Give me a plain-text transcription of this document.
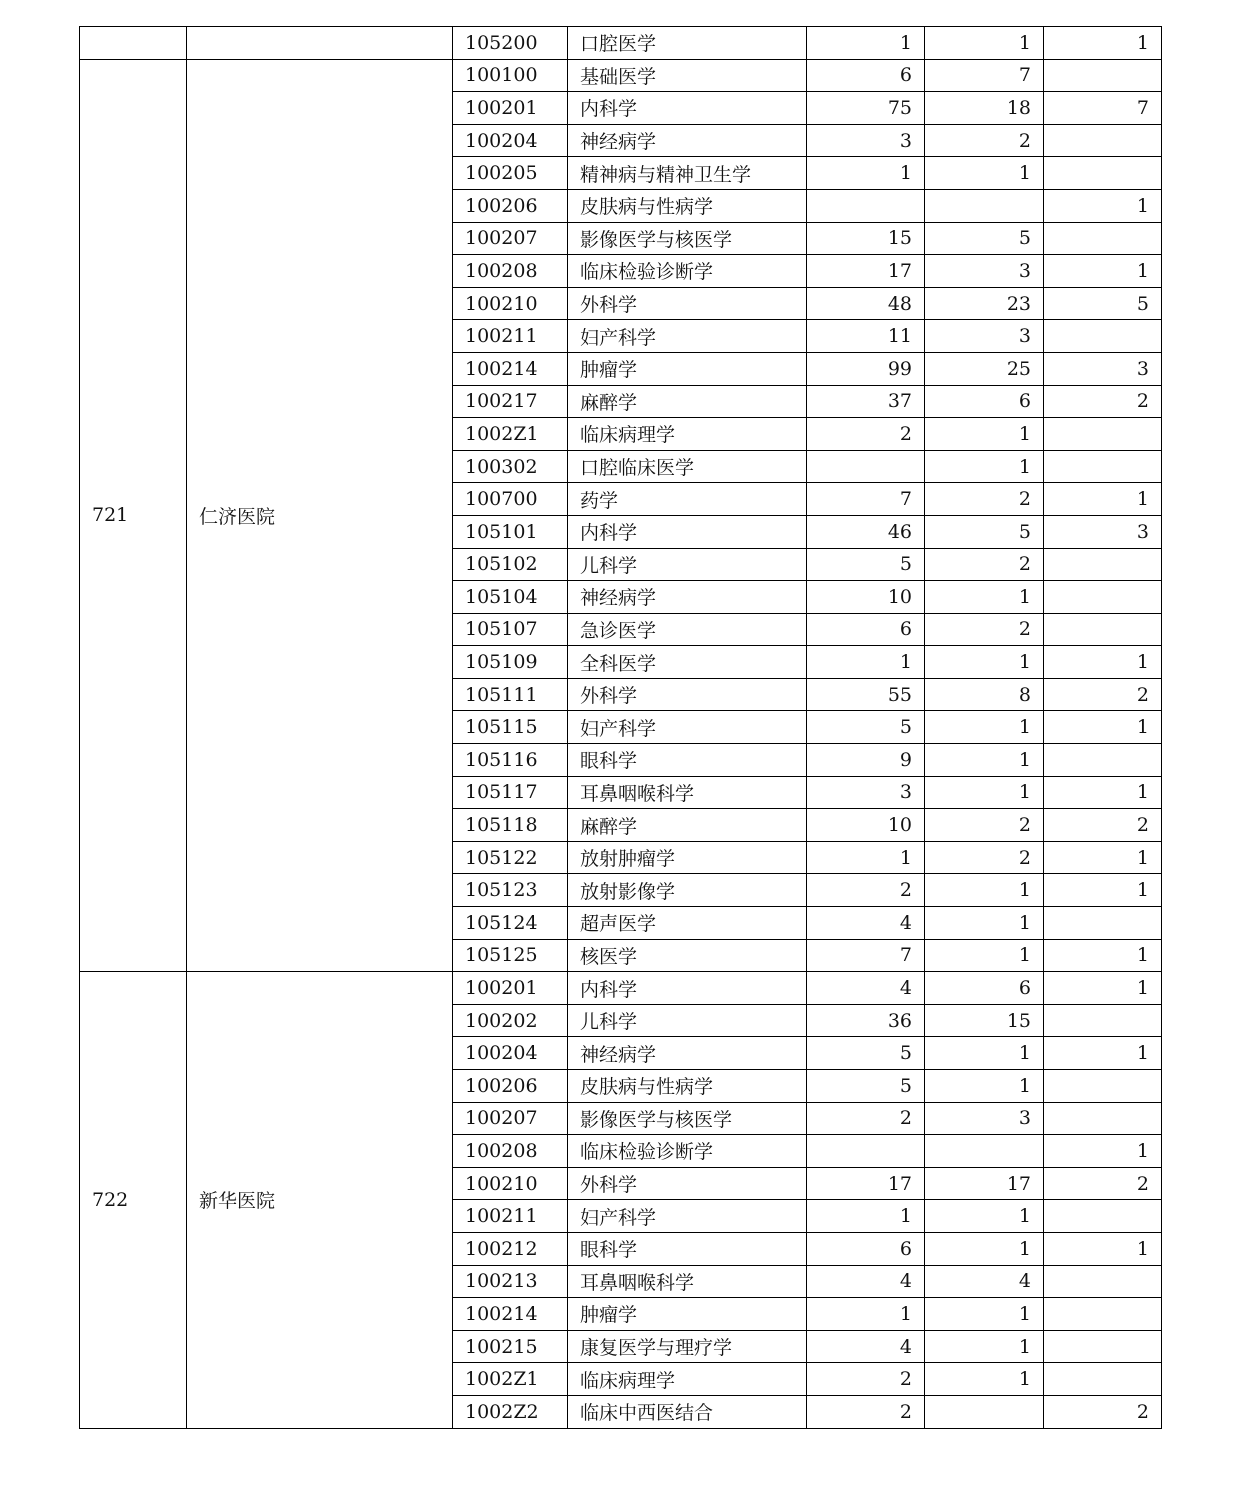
		105200	口腔医学	1	1	1
721	仁济医院	100100	基础医学	6	7	
		100201	内科学	75	18	7
		100204	神经病学	3	2	
		100205	精神病与精神卫生学	1	1	
		100206	皮肤病与性病学			1
		100207	影像医学与核医学	15	5	
		100208	临床检验诊断学	17	3	1
		100210	外科学	48	23	5
		100211	妇产科学	11	3	
		100214	肿瘤学	99	25	3
		100217	麻醉学	37	6	2
		1002Z1	临床病理学	2	1	
		100302	口腔临床医学		1	
		100700	药学	7	2	1
		105101	内科学	46	5	3
		105102	儿科学	5	2	
		105104	神经病学	10	1	
		105107	急诊医学	6	2	
		105109	全科医学	1	1	1
		105111	外科学	55	8	2
		105115	妇产科学	5	1	1
		105116	眼科学	9	1	
		105117	耳鼻咽喉科学	3	1	1
		105118	麻醉学	10	2	2
		105122	放射肿瘤学	1	2	1
		105123	放射影像学	2	1	1
		105124	超声医学	4	1	
		105125	核医学	7	1	1
722	新华医院	100201	内科学	4	6	1
		100202	儿科学	36	15	
		100204	神经病学	5	1	1
		100206	皮肤病与性病学	5	1	
		100207	影像医学与核医学	2	3	
		100208	临床检验诊断学			1
		100210	外科学	17	17	2
		100211	妇产科学	1	1	
		100212	眼科学	6	1	1
		100213	耳鼻咽喉科学	4	4	
		100214	肿瘤学	1	1	
		100215	康复医学与理疗学	4	1	
		1002Z1	临床病理学	2	1	
		1002Z2	临床中西医结合	2		2
